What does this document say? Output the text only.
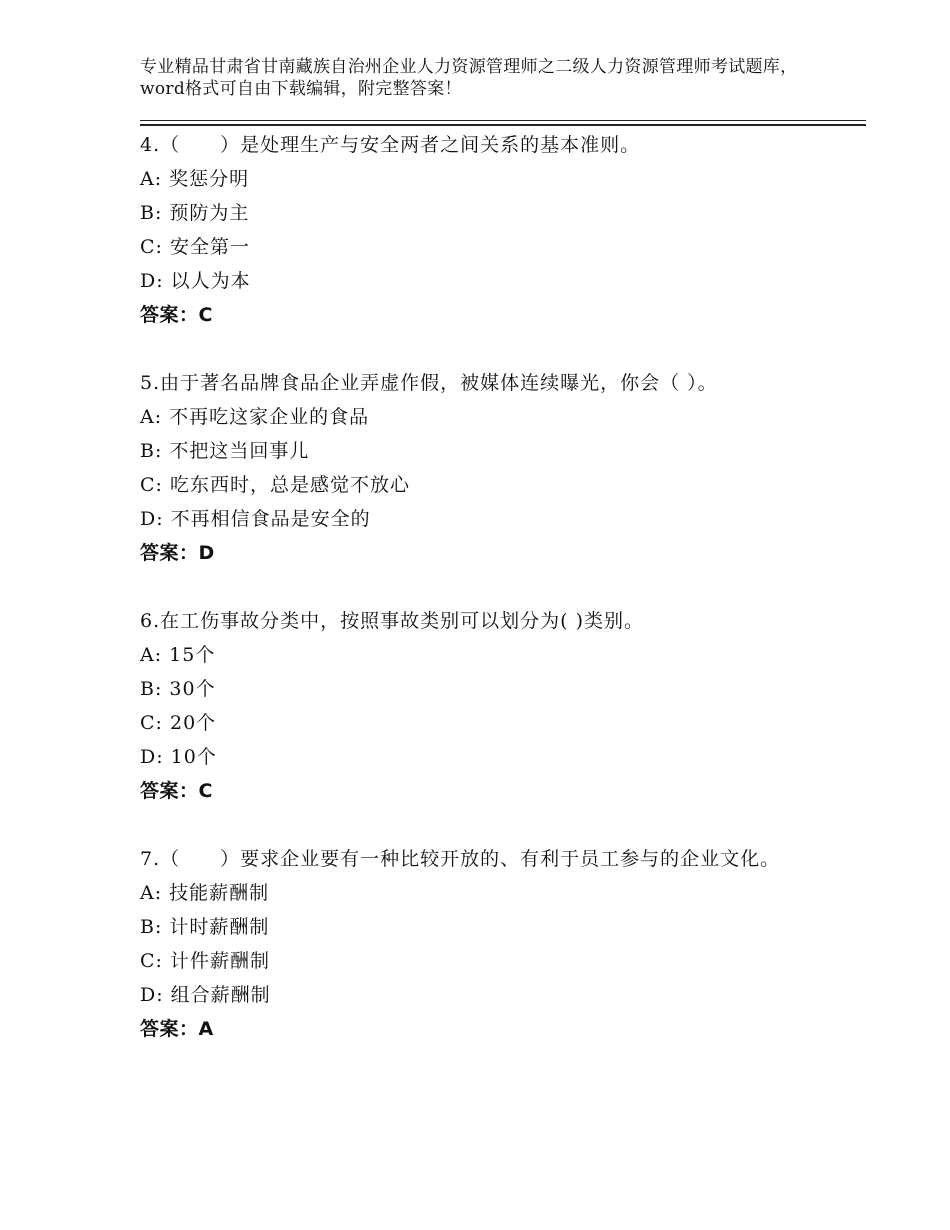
专业精品甘肃省甘南藏族自治州企业人力资源管理师之二级人力资源管理师考试题库，word格式可自由下载编辑，附完整答案！
4.（　　）是处理生产与安全两者之间关系的基本准则。
A: 奖惩分明
B: 预防为主
C: 安全第一
D: 以人为本
答案：C
5.由于著名品牌食品企业弄虚作假，被媒体连续曝光，你会（ ）。
A: 不再吃这家企业的食品
B: 不把这当回事儿
C: 吃东西时，总是感觉不放心
D: 不再相信食品是安全的
答案：D
6.在工伤事故分类中，按照事故类别可以划分为( )类别。
A: 15个
B: 30个
C: 20个
D: 10个
答案：C
7.（　　）要求企业要有一种比较开放的、有利于员工参与的企业文化。
A: 技能薪酬制
B: 计时薪酬制
C: 计件薪酬制
D: 组合薪酬制
答案：A
